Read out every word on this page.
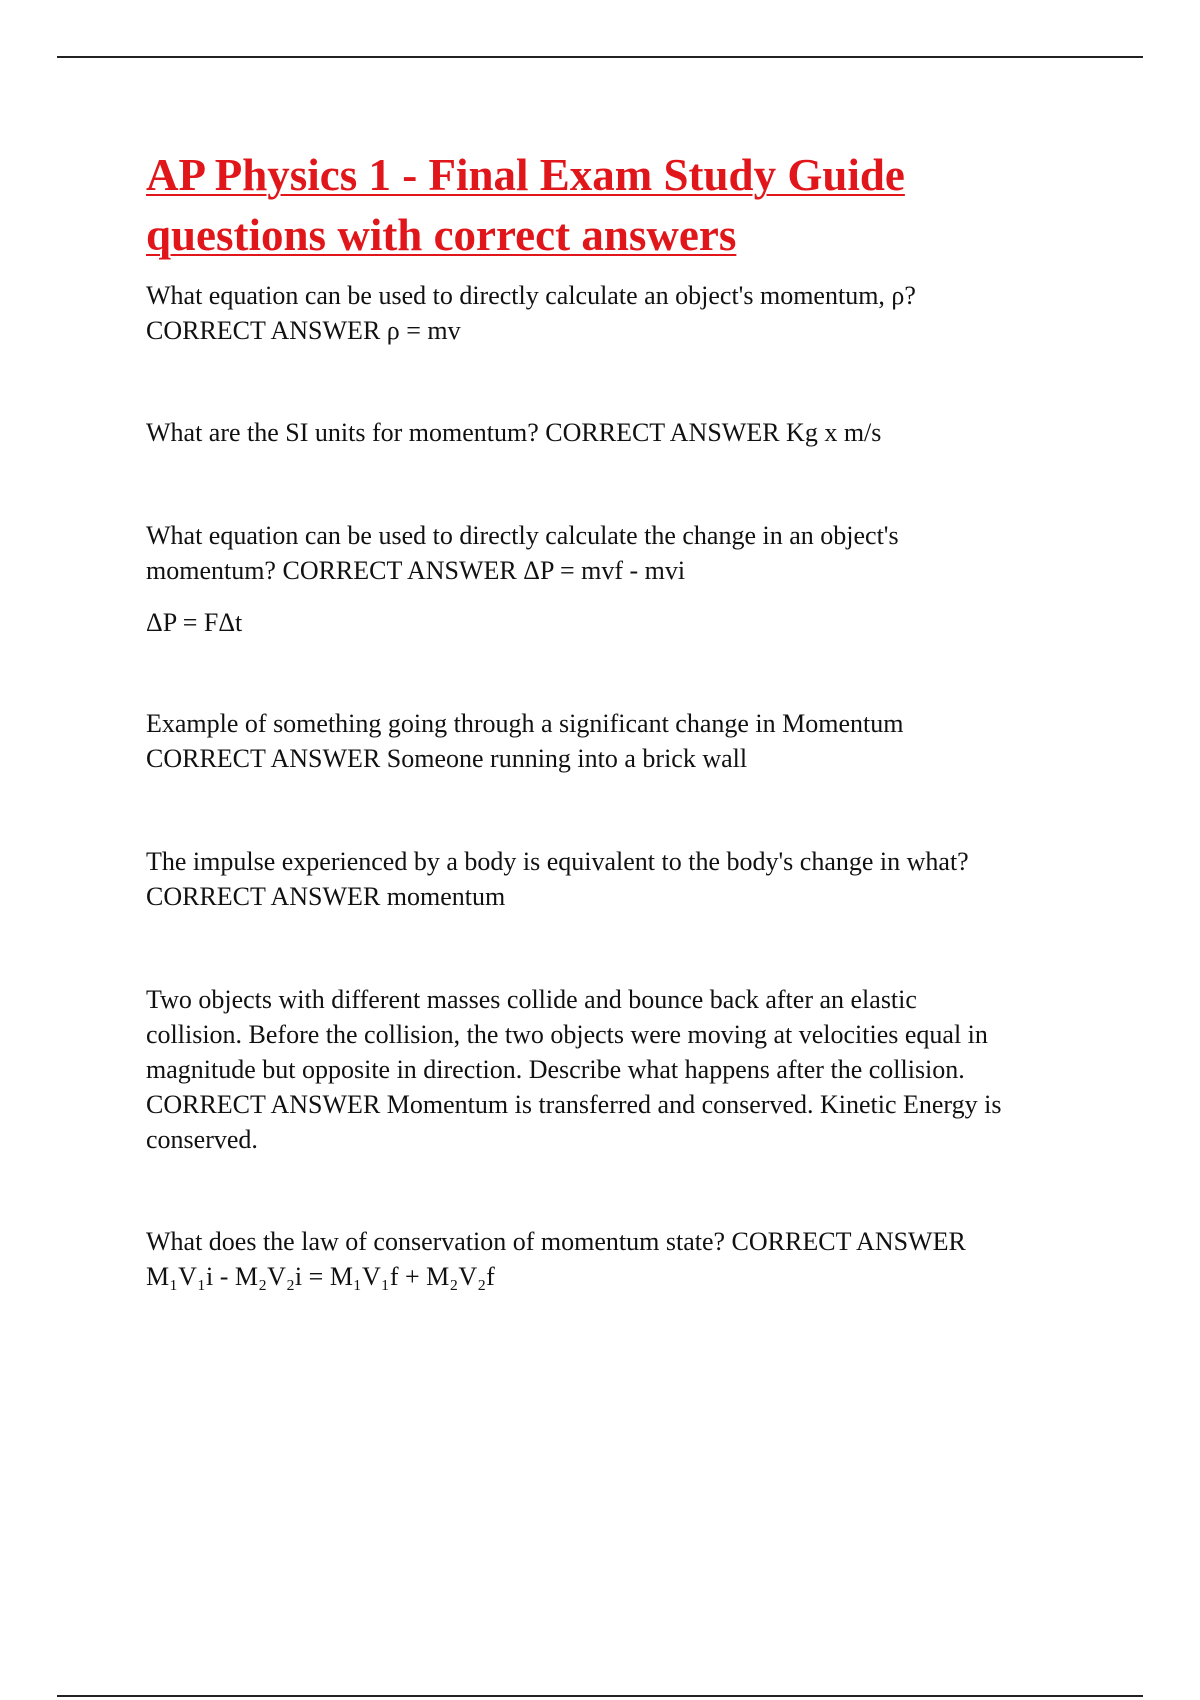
AP Physics 1 - Final Exam Study Guide
questions with correct answers

What equation can be used to directly calculate an object's momentum, ρ?

CORRECT ANSWER ρ = mv

What are the SI units for momentum? CORRECT ANSWER Kg x m/s

What equation can be used to directly calculate the change in an object's

momentum? CORRECT ANSWER ΔP = mvf - mvi

ΔP = FΔt

Example of something going through a significant change in Momentum

CORRECT ANSWER Someone running into a brick wall

The impulse experienced by a body is equivalent to the body's change in what?

CORRECT ANSWER momentum

Two objects with different masses collide and bounce back after an elastic

collision. Before the collision, the two objects were moving at velocities equal in

magnitude but opposite in direction. Describe what happens after the collision.

CORRECT ANSWER Momentum is transferred and conserved. Kinetic Energy is

conserved.

What does the law of conservation of momentum state? CORRECT ANSWER

M₁V₁i - M₂V₂i = M₁V₁f + M₂V₂f
